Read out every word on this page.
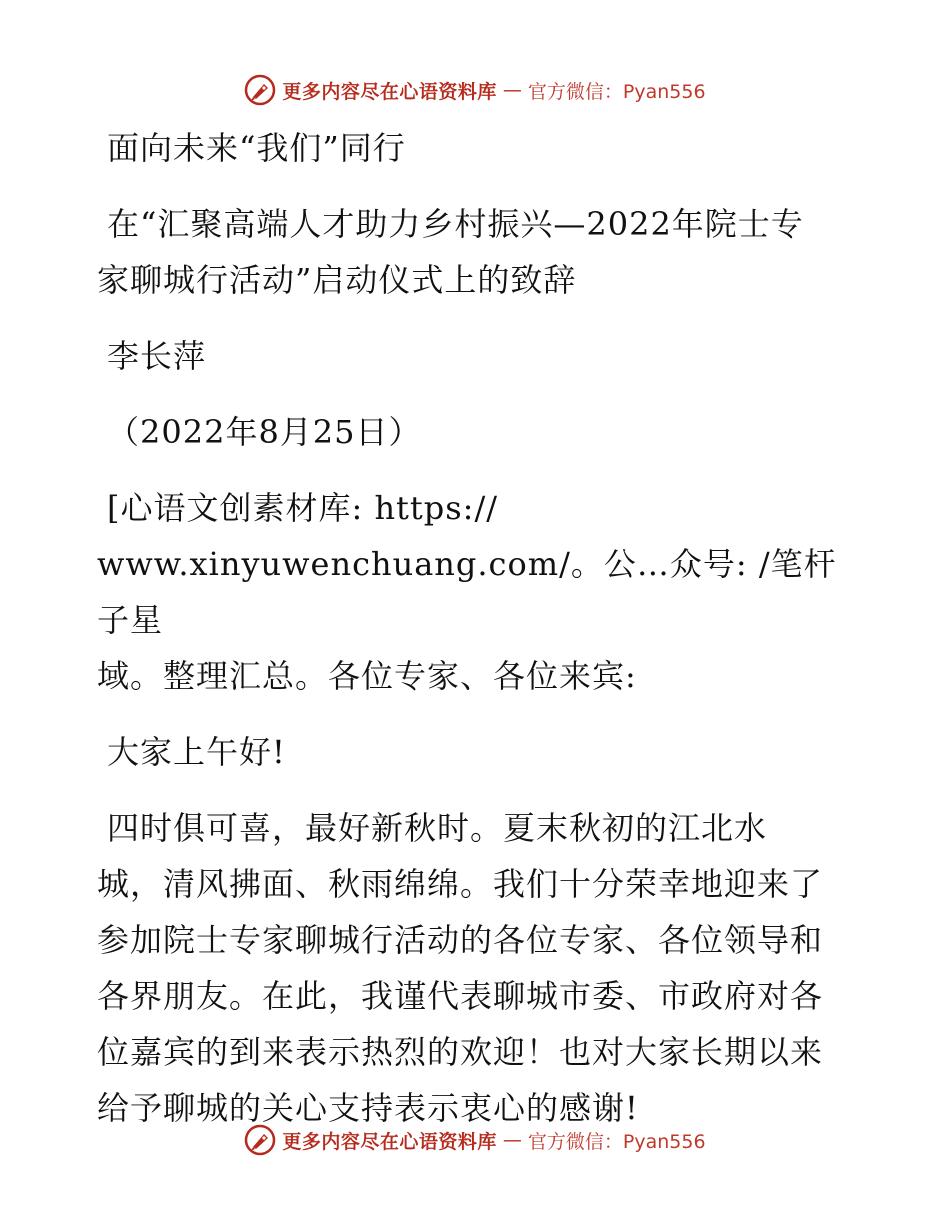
更多内容尽在心语资料库 — 官方微信：Pyan556

面向未来“我们”同行

在“汇聚高端人才助力乡村振兴—2022年院士专
家聊城行活动”启动仪式上的致辞

李长萍

（2022年8月25日）

[心语文创素材库: https://
www.xinyuwenchuang.com/。公…众号: /笔杆子星
域。整理汇总。各位专家、各位来宾:

大家上午好!

四时俱可喜，最好新秋时。夏末秋初的江北水
城，清风拂面、秋雨绵绵。我们十分荣幸地迎来了
参加院士专家聊城行活动的各位专家、各位领导和
各界朋友。在此，我谨代表聊城市委、市政府对各
位嘉宾的到来表示热烈的欢迎！也对大家长期以来
给予聊城的关心支持表示衷心的感谢!

更多内容尽在心语资料库 — 官方微信：Pyan556
